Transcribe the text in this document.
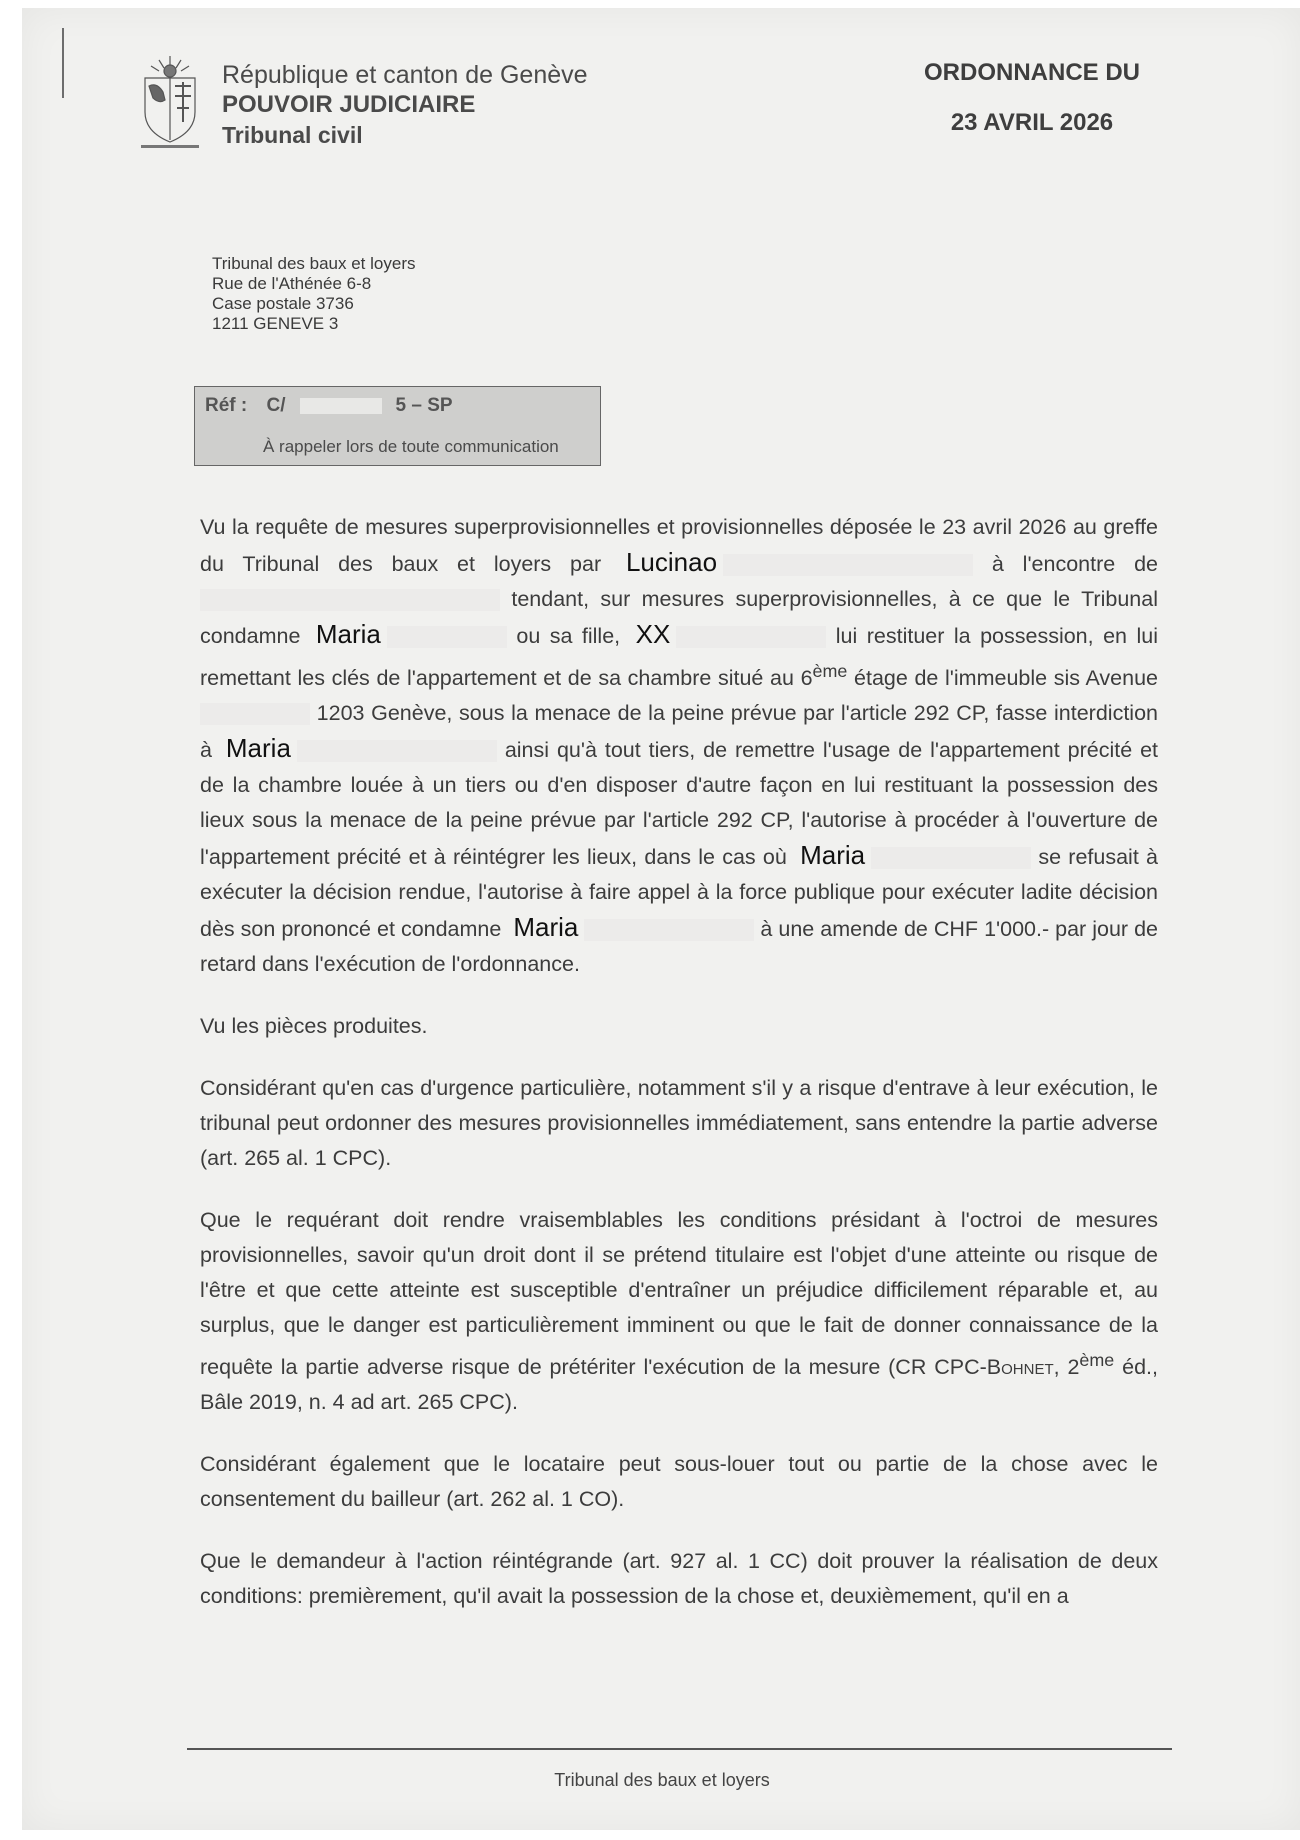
République et canton de Genève
POUVOIR JUDICIAIRE
Tribunal civil
ORDONNANCE DU
23 AVRIL 2026
Tribunal des baux et loyers
Rue de l'Athénée 6-8
Case postale 3736
1211 GENEVE 3
Réf : C/	5 – SP
À rappeler lors de toute communication

Vu la requête de mesures superprovisionnelles et provisionnelles déposée le 23 avril 2026 au greffe du Tribunal des baux et loyers par Lucinao	à l'encontre de  tendant, sur mesures superprovisionnelles, à ce que le Tribunal condamne Maria	ou sa fille, XX	lui restituer la possession, en lui remettant les clés de l'appartement et de sa chambre situé au 6ème étage de l'immeuble sis Avenue  1203 Genève, sous la menace de la peine prévue par l'article 292 CP, fasse interdiction à Maria	ainsi qu'à tout tiers, de remettre l'usage de l'appartement précité et de la chambre louée à un tiers ou d'en disposer d'autre façon en lui restituant la possession des lieux sous la menace de la peine prévue par l'article 292 CP, l'autorise à procéder à l'ouverture de l'appartement précité et à réintégrer les lieux, dans le cas où Maria	se refusait à exécuter la décision rendue, l'autorise à faire appel à la force publique pour exécuter ladite décision dès son prononcé et condamne Maria	à une amende de CHF 1'000.- par jour de retard dans l'exécution de l'ordonnance.

Vu les pièces produites.

Considérant qu'en cas d'urgence particulière, notamment s'il y a risque d'entrave à leur exécution, le tribunal peut ordonner des mesures provisionnelles immédiatement, sans entendre la partie adverse (art. 265 al. 1 CPC).

Que le requérant doit rendre vraisemblables les conditions présidant à l'octroi de mesures provisionnelles, savoir qu'un droit dont il se prétend titulaire est l'objet d'une atteinte ou risque de l'être et que cette atteinte est susceptible d'entraîner un préjudice difficilement réparable et, au surplus, que le danger est particulièrement imminent ou que le fait de donner connaissance de la requête la partie adverse risque de prétériter l'exécution de la mesure (CR CPC-Bohnet, 2ème éd., Bâle 2019, n. 4 ad art. 265 CPC).

Considérant également que le locataire peut sous-louer tout ou partie de la chose avec le consentement du bailleur (art. 262 al. 1 CO).

Que le demandeur à l'action réintégrande (art. 927 al. 1 CC) doit prouver la réalisation de deux conditions: premièrement, qu'il avait la possession de la chose et, deuxièmement, qu'il en a

Tribunal des baux et loyers
